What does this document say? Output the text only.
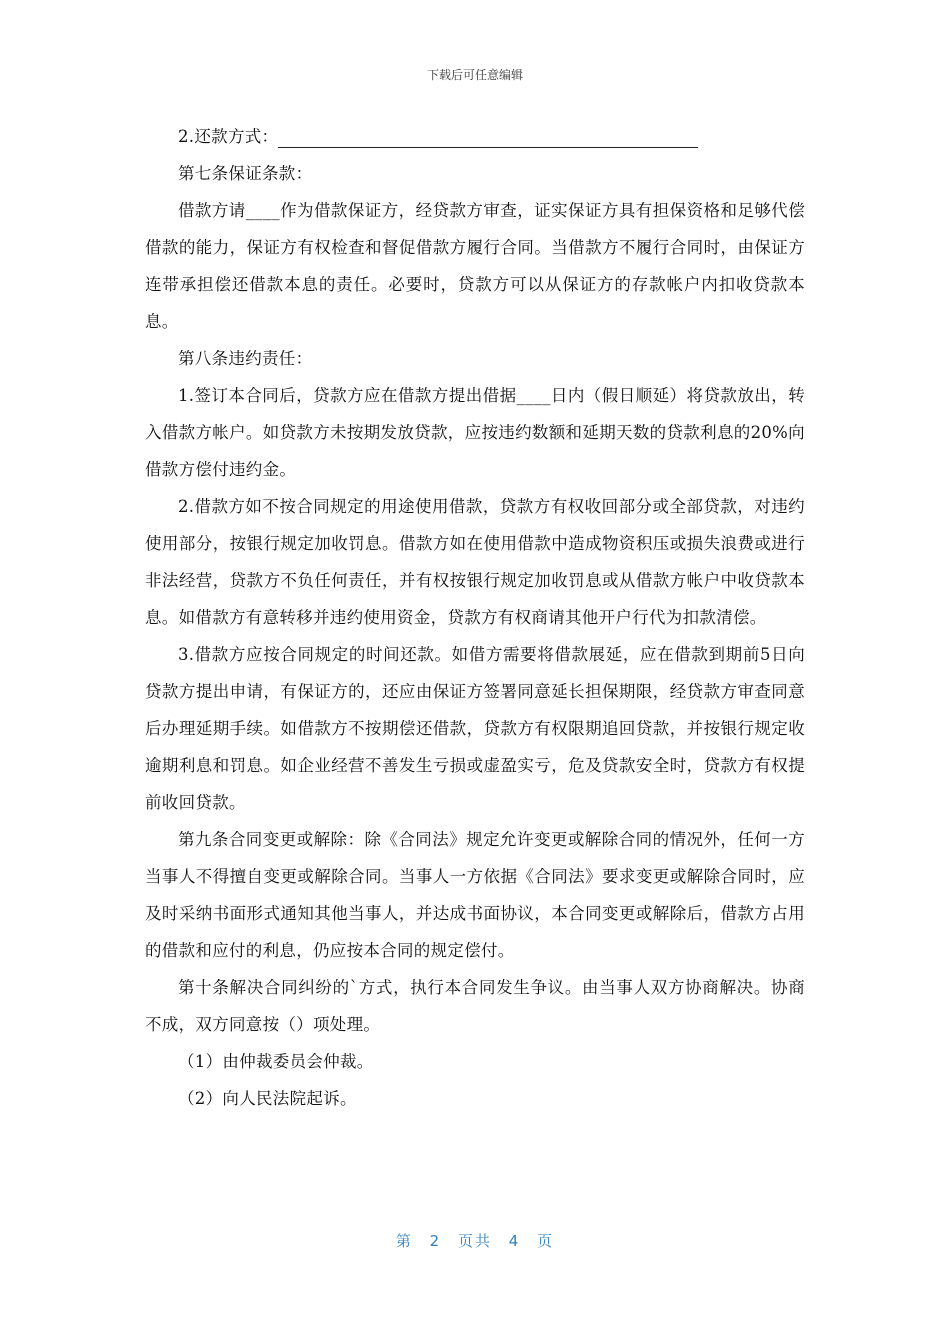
下载后可任意编辑

2.还款方式：

第七条保证条款：

借款方请____作为借款保证方，经贷款方审查，证实保证方具有担保资格和足够代偿借款的能力，保证方有权检查和督促借款方履行合同。当借款方不履行合同时，由保证方连带承担偿还借款本息的责任。必要时，贷款方可以从保证方的存款帐户内扣收贷款本息。

第八条违约责任：

1.签订本合同后，贷款方应在借款方提出借据____日内（假日顺延）将贷款放出，转入借款方帐户。如贷款方未按期发放贷款，应按违约数额和延期天数的贷款利息的20%向借款方偿付违约金。

2.借款方如不按合同规定的用途使用借款，贷款方有权收回部分或全部贷款，对违约使用部分，按银行规定加收罚息。借款方如在使用借款中造成物资积压或损失浪费或进行非法经营，贷款方不负任何责任，并有权按银行规定加收罚息或从借款方帐户中收贷款本息。如借款方有意转移并违约使用资金，贷款方有权商请其他开户行代为扣款清偿。

3.借款方应按合同规定的时间还款。如借方需要将借款展延，应在借款到期前5日向贷款方提出申请，有保证方的，还应由保证方签署同意延长担保期限，经贷款方审查同意后办理延期手续。如借款方不按期偿还借款，贷款方有权限期追回贷款，并按银行规定收逾期利息和罚息。如企业经营不善发生亏损或虚盈实亏，危及贷款安全时，贷款方有权提前收回贷款。

第九条合同变更或解除：除《合同法》规定允许变更或解除合同的情况外，任何一方当事人不得擅自变更或解除合同。当事人一方依据《合同法》要求变更或解除合同时，应及时采纳书面形式通知其他当事人，并达成书面协议，本合同变更或解除后，借款方占用的借款和应付的利息，仍应按本合同的规定偿付。

第十条解决合同纠纷的`方式，执行本合同发生争议。由当事人双方协商解决。协商不成，双方同意按（）项处理。

（1）由仲裁委员会仲裁。

（2）向人民法院起诉。

第 2 页共 4 页
